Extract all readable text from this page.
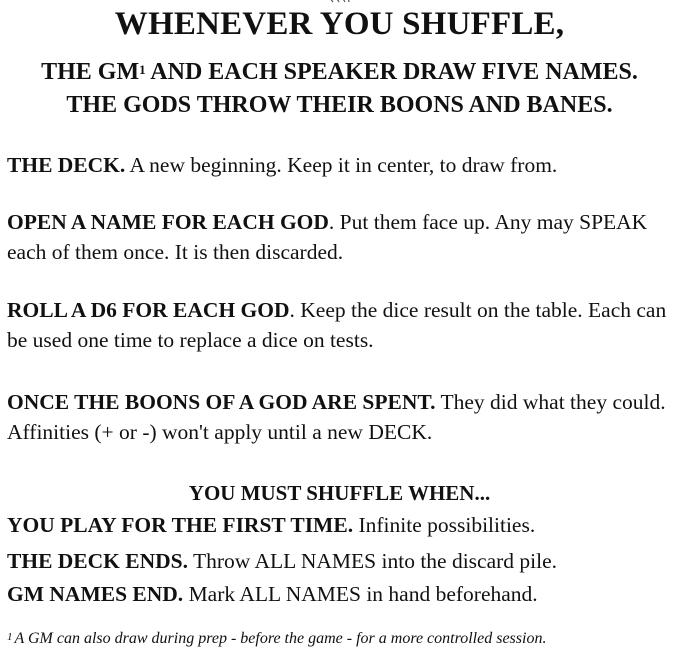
WHENEVER YOU SHUFFLE,
THE $GM^1$ AND EACH SPEAKER DRAW FIVE NAMES.
THE GODS THROW THEIR BOONS AND BANES.
THE DECK. A new beginning. Keep it in center, to draw from.
OPEN A NAME FOR EACH GOD. Put them face up. Any may SPEAK each of them once. It is then discarded.
ROLL A D6 FOR EACH GOD. Keep the dice result on the table. Each can be used one time to replace a dice on tests.
ONCE THE BOONS OF A GOD ARE SPENT. They did what they could. Affinities (+ or -) won't apply until a new DECK.
YOU MUST SHUFFLE WHEN...
YOU PLAY FOR THE FIRST TIME. Infinite possibilities.
THE DECK ENDS. Throw ALL NAMES into the discard pile.
GM NAMES END. Mark ALL NAMES in hand beforehand.
$^1$ A GM can also draw during prep - before the game - for a more controlled session.
